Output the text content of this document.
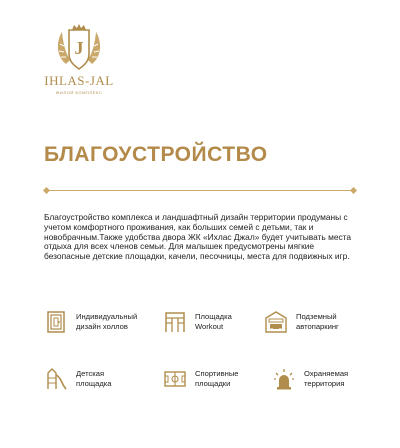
J
IHLAS-JAL
ЖИЛОЙ КОМПЛЕКС
БЛАГОУСТРОЙСТВО

Благоустройство комплекса и ландшафтный дизайн территории продуманы с учетом комфортного проживания, как больших семей с детьми, так и новобрачным.Также удобства двора ЖК «Ихлас Джал» будет учитывать места отдыха для всех членов семьи. Для малышек предусмотрены мягкие безопасные детские площадки, качели, песочницы, места для подвижных игр.

Индивидуальный
дизайн холлов
Площадка
Workout
Подземный
автопаркинг
Детская
площадка
Спортивные
площадки
Охраняемая
территория
